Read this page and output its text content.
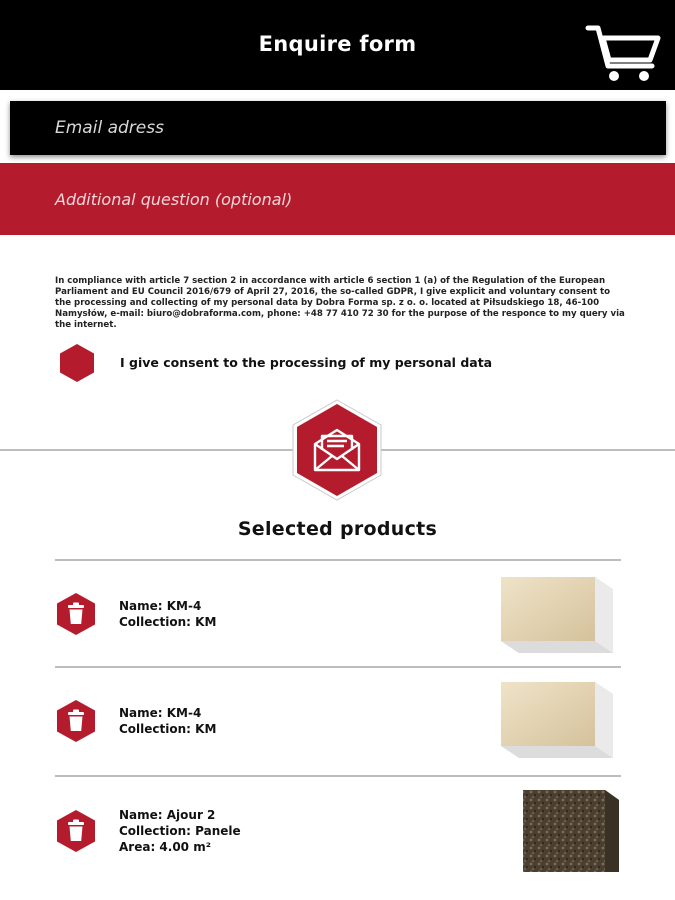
Enquire form
Email adress
Additional question (optional)
In compliance with article 7 section 2 in accordance with article 6 section 1 (a) of the Regulation of the European Parliament and EU Council 2016/679 of April 27, 2016, the so-called GDPR, I give explicit and voluntary consent to the processing and collecting of my personal data by Dobra Forma sp. z o. o. located at Piłsudskiego 18, 46-100 Namysłów, e-mail: biuro@dobraforma.com, phone: +48 77 410 72 30 for the purpose of the responce to my query via the internet.
I give consent to the processing of my personal data
Selected products
Name: KM-4
Collection: KM
Name: KM-4
Collection: KM
Name: Ajour 2
Collection: Panele
Area: 4.00 m²
